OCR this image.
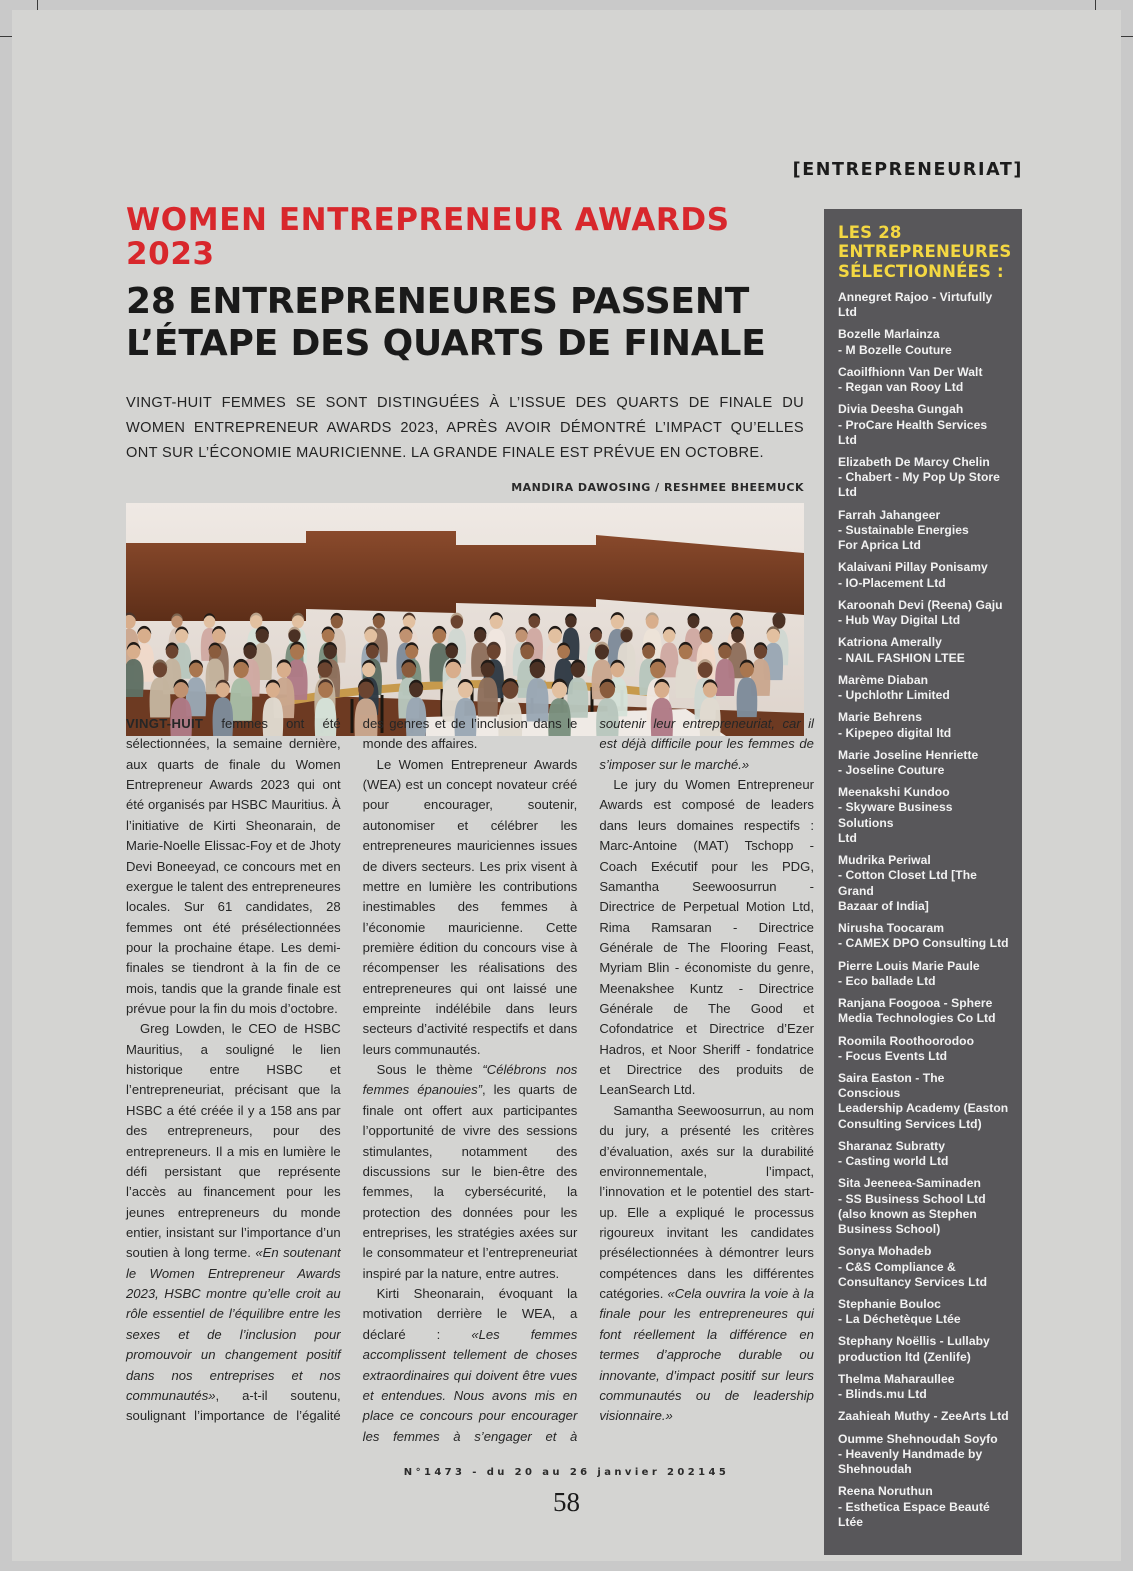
[ENTREPRENEURIAT]
WOMEN ENTREPRENEUR AWARDS 2023
28 ENTREPRENEURES PASSENT
L’ÉTAPE DES QUARTS DE FINALE
VINGT-HUIT FEMMES SE SONT DISTINGUÉES À L’ISSUE DES QUARTS DE FINALE DU WOMEN ENTREPRENEUR AWARDS 2023, APRÈS AVOIR DÉMONTRÉ L’IMPACT QU’ELLES ONT SUR L’ÉCONOMIE MAURICIENNE. LA GRANDE FINALE EST PRÉVUE EN OCTOBRE.
MANDIRA DAWOSING / RESHMEE BHEEMUCK

VINGT-HUIT femmes ont été sélectionnées, la semaine dernière, aux quarts de finale du Women Entrepreneur Awards 2023 qui ont été organisés par HSBC Mauritius. À l’initiative de Kirti Sheonarain, de Marie-Noelle Elissac-Foy et de Jhoty Devi Boneeyad, ce concours met en exergue le talent des entrepreneures locales. Sur 61 candidates, 28 femmes ont été présélectionnées pour la prochaine étape. Les demi-finales se tiendront à la fin de ce mois, tandis que la grande finale est prévue pour la fin du mois d’octobre.

Greg Lowden, le CEO de HSBC Mauritius, a souligné le lien historique entre HSBC et l’entrepreneuriat, précisant que la HSBC a été créée il y a 158 ans par des entrepreneurs, pour des entrepreneurs. Il a mis en lumière le défi persistant que représente l’accès au financement pour les jeunes entrepreneurs du monde entier, insistant sur l’importance d’un soutien à long terme. «En soutenant le Women Entrepreneur Awards 2023, HSBC montre qu’elle croit au rôle essentiel de l’équilibre entre les sexes et de l’inclusion pour promouvoir un changement positif dans nos entreprises et nos communautés», a-t-il soutenu, soulignant l’importance de l’égalité des genres et de l’inclusion dans le monde des affaires.

Le Women Entrepreneur Awards (WEA) est un concept novateur créé pour encourager, soutenir, autonomiser et célébrer les entrepreneures mauriciennes issues de divers secteurs. Les prix visent à mettre en lumière les contributions inestimables des femmes à l’économie mauricienne. Cette première édition du concours vise à récompenser les réalisations des entrepreneures qui ont laissé une empreinte indélébile dans leurs secteurs d’activité respectifs et dans leurs communautés.

Sous le thème “Célébrons nos femmes épanouies”, les quarts de finale ont offert aux participantes l’opportunité de vivre des sessions stimulantes, notamment des discussions sur le bien-être des femmes, la cybersécurité, la protection des données pour les entreprises, les stratégies axées sur le consommateur et l’entrepreneuriat inspiré par la nature, entre autres.

Kirti Sheonarain, évoquant la motivation derrière le WEA, a déclaré : «Les femmes accomplissent tellement de choses extraordinaires qui doivent être vues et entendues. Nous avons mis en place ce concours pour encourager les femmes à s’engager et à soutenir leur entrepreneuriat, car il est déjà difficile pour les femmes de s’imposer sur le marché.»

Le jury du Women Entrepreneur Awards est composé de leaders dans leurs domaines respectifs : Marc-Antoine (MAT) Tschopp - Coach Exécutif pour les PDG, Samantha Seewoosurrun - Directrice de Perpetual Motion Ltd, Rima Ramsaran - Directrice Générale de The Flooring Feast, Myriam Blin - économiste du genre, Meenakshee Kuntz - Directrice Générale de The Good et Cofondatrice et Directrice d’Ezer Hadros, et Noor Sheriff - fondatrice et Directrice des produits de LeanSearch Ltd.

Samantha Seewoosurrun, au nom du jury, a présenté les critères d’évaluation, axés sur la durabilité environnementale, l’impact, l’innovation et le potentiel des start-up. Elle a expliqué le processus rigoureux invitant les candidates présélectionnées à démontrer leurs compétences dans les différentes catégories. «Cela ouvrira la voie à la finale pour les entrepreneures qui font réellement la différence en termes d’approche durable ou innovante, d’impact positif sur leurs communautés ou de leadership visionnaire.»

LES 28
ENTREPRENEURES
SÉLECTIONNÉES :
Annegret Rajoo - Virtufully Ltd
Bozelle Marlainza
- M Bozelle Couture
Caoilfhionn Van Der Walt
- Regan van Rooy Ltd
Divia Deesha Gungah
- ProCare Health Services Ltd
Elizabeth De Marcy Chelin
- Chabert - My Pop Up Store Ltd
Farrah Jahangeer
- Sustainable Energies
For Aprica Ltd
Kalaivani Pillay Ponisamy
- IO-Placement Ltd
Karoonah Devi (Reena) Gaju
- Hub Way Digital Ltd
Katriona Amerally
- NAIL FASHION LTEE
Marème Diaban
- Upchlothr Limited
Marie Behrens
- Kipepeo digital ltd
Marie Joseline Henriette
- Joseline Couture
Meenakshi Kundoo
- Skyware Business Solutions
Ltd
Mudrika Periwal
- Cotton Closet Ltd [The Grand
Bazaar of India]
Nirusha Toocaram
- CAMEX DPO Consulting Ltd
Pierre Louis Marie Paule
- Eco ballade Ltd
Ranjana Foogooa - Sphere
Media Technologies Co Ltd
Roomila Roothoorodoo
- Focus Events Ltd
Saira Easton - The Conscious
Leadership Academy (Easton
Consulting Services Ltd)
Sharanaz Subratty
- Casting world Ltd
Sita Jeeneea-Saminaden
- SS Business School Ltd
(also known as Stephen
Business School)
Sonya Mohadeb
- C&S Compliance &
Consultancy Services Ltd
Stephanie Bouloc
- La Déchetèque Ltée
Stephany Noëllis - Lullaby
production ltd (Zenlife)
Thelma Maharaullee
- Blinds.mu Ltd
Zaahieah Muthy - ZeeArts Ltd
Oumme Shehnoudah Soyfo
- Heavenly Handmade by
Shehnoudah
Reena Noruthun
- Esthetica Espace Beauté Ltée
N°1473 - du 20 au 26 janvier 202145
58
